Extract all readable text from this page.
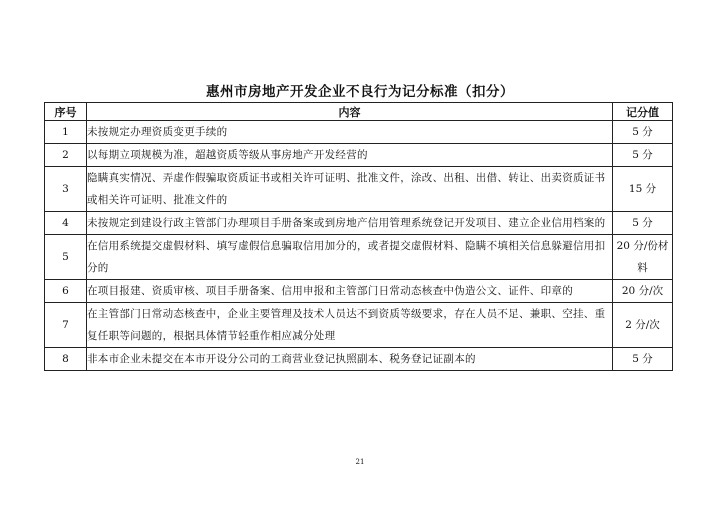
惠州市房地产开发企业不良行为记分标准（扣分）
序号	内容	记分值
1	未按规定办理资质变更手续的	5 分
2	以每期立项规模为准，超越资质等级从事房地产开发经营的	5 分
3	隐瞒真实情况、弄虚作假骗取资质证书或相关许可证明、批准文件，涂改、出租、出借、转让、出卖资质证书或相关许可证明、批准文件的	15 分
4	未按规定到建设行政主管部门办理项目手册备案或到房地产信用管理系统登记开发项目、建立企业信用档案的	5 分
5	在信用系统提交虚假材料、填写虚假信息骗取信用加分的，或者提交虚假材料、隐瞒不填相关信息躲避信用扣分的	20 分/份材料
6	在项目报建、资质审核、项目手册备案、信用申报和主管部门日常动态核查中伪造公文、证件、印章的	20 分/次
7	在主管部门日常动态核查中，企业主要管理及技术人员达不到资质等级要求，存在人员不足、兼职、空挂、重复任职等问题的，根据具体情节轻重作相应减分处理	2 分/次
8	非本市企业未提交在本市开设分公司的工商营业登记执照副本、税务登记证副本的	5 分
21
